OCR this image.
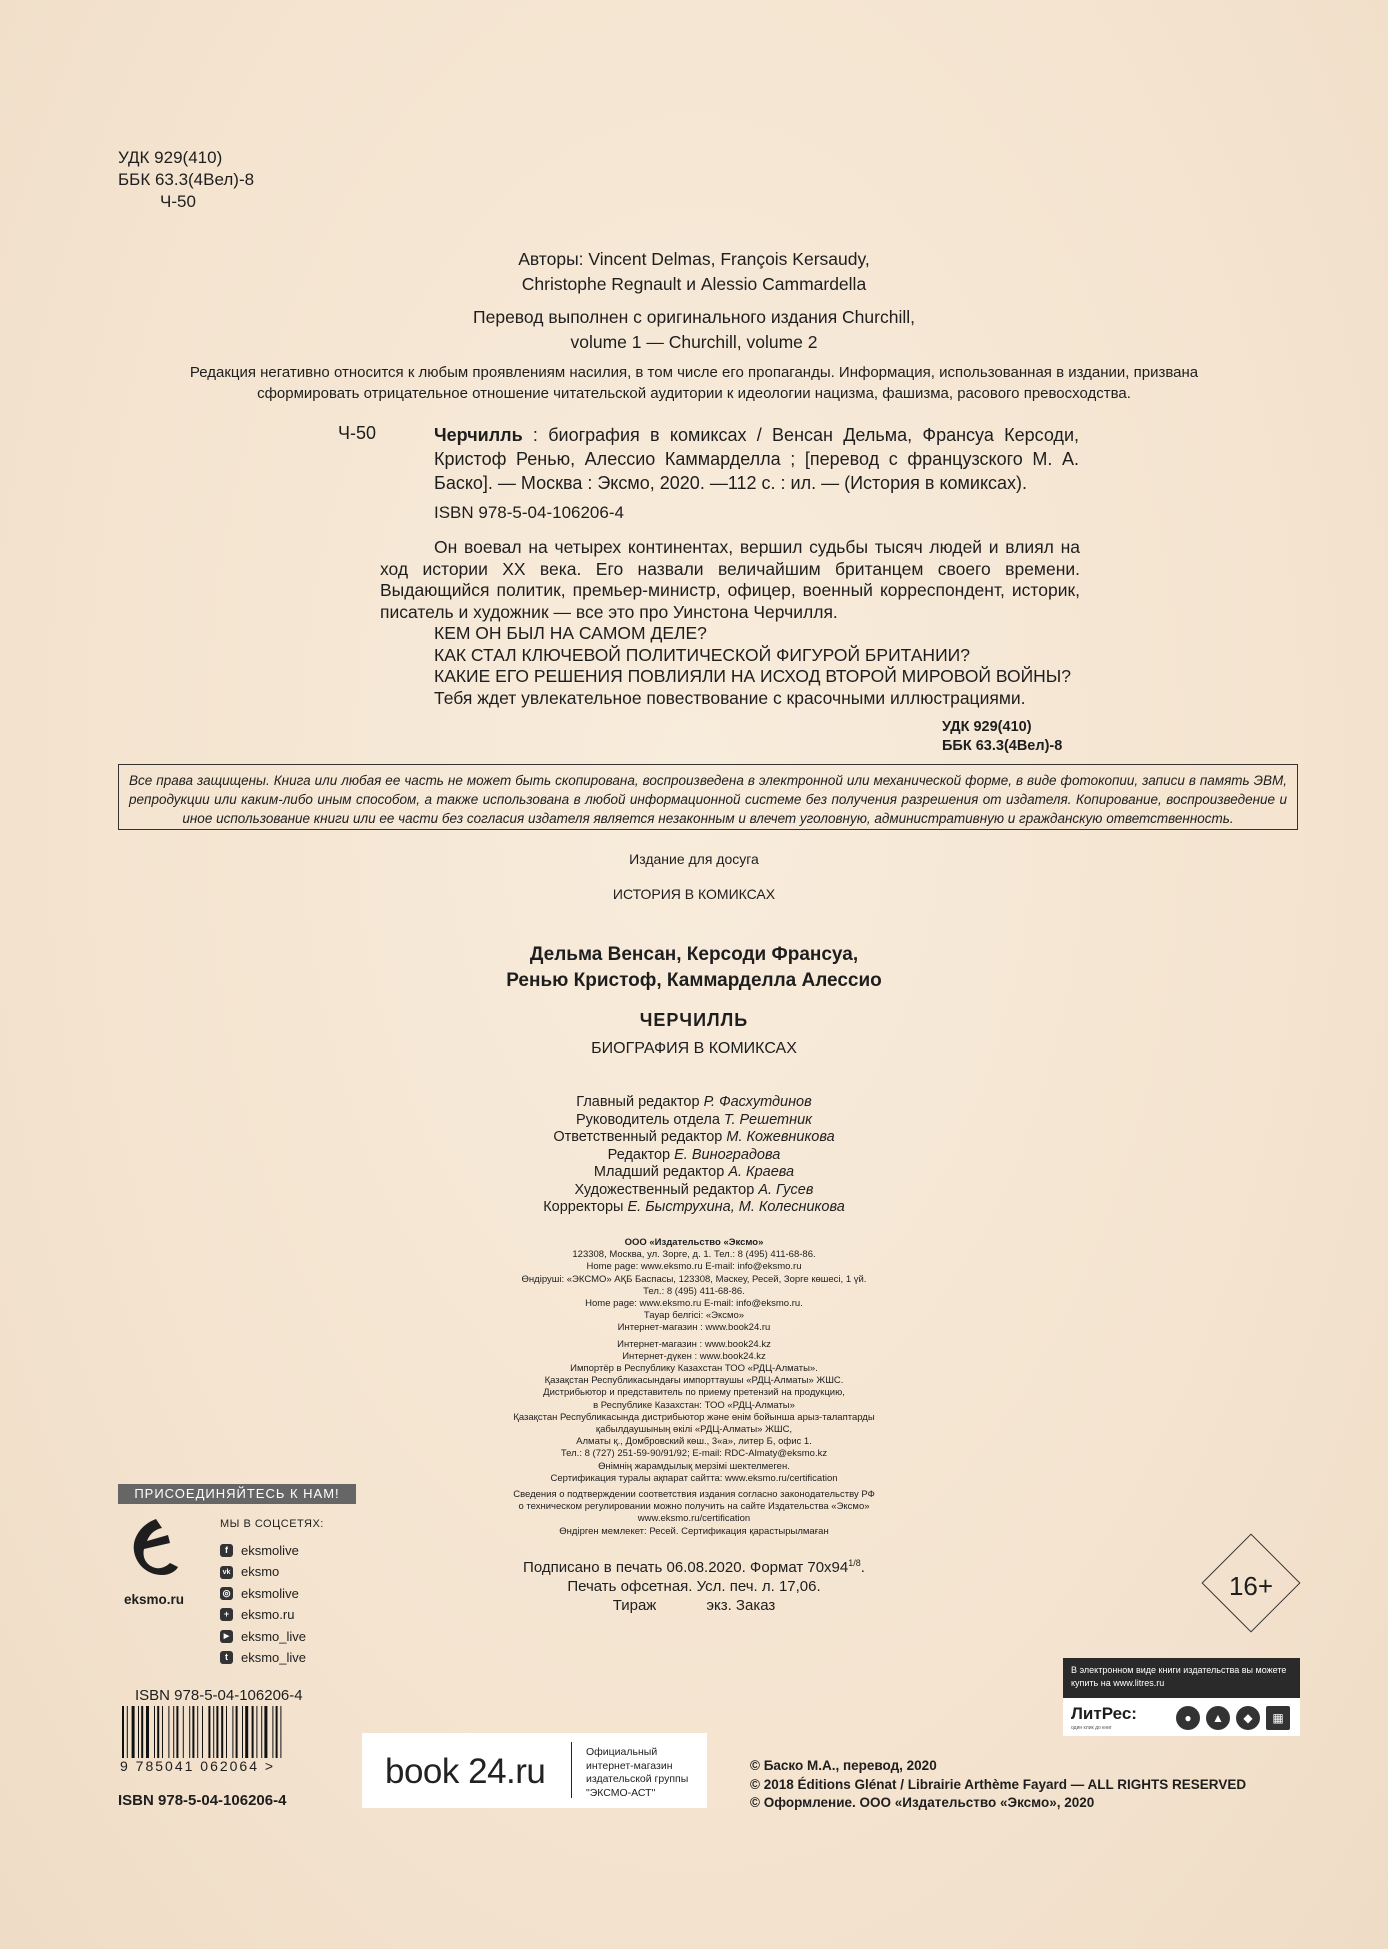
УДК 929(410)
ББК 63.3(4Вел)-8
Ч-50
Авторы: Vincent Delmas, François Kersaudy,
Christophe Regnault и Alessio Cammardella
Перевод выполнен с оригинального издания Churchill,
volume 1 — Churchill, volume 2
Редакция негативно относится к любым проявлениям насилия, в том числе его пропаганды. Информация, использованная в издании, призвана сформировать отрицательное отношение читательской аудитории к идеологии нацизма, фашизма, расового превосходства.
Ч-50	Черчилль : биография в комиксах / Венсан Дельма, Франсуа Керсоди, Кристоф Ренью, Алессио Каммарделла ; [перевод с французского М. А. Баско]. — Москва : Эксмо, 2020. —112 с. : ил. — (История в комиксах).
ISBN 978-5-04-106206-4

Он воевал на четырех континентах, вершил судьбы тысяч людей и влиял на ход истории XX века. Его назвали величайшим британцем своего времени. Выдающийся политик, премьер-министр, офицер, военный корреспондент, историк, писатель и художник — все это про Уинстона Черчилля.

КЕМ ОН БЫЛ НА САМОМ ДЕЛЕ?

КАК СТАЛ КЛЮЧЕВОЙ ПОЛИТИЧЕСКОЙ ФИГУРОЙ БРИТАНИИ?

КАКИЕ ЕГО РЕШЕНИЯ ПОВЛИЯЛИ НА ИСХОД ВТОРОЙ МИРОВОЙ ВОЙНЫ?

Тебя ждет увлекательное повествование с красочными иллюстрациями.

УДК 929(410)
ББК 63.3(4Вел)-8
Все права защищены. Книга или любая ее часть не может быть скопирована, воспроизведена в электронной или механической форме, в виде фотокопии, записи в память ЭВМ, репродукции или каким-либо иным способом, а также использована в любой информационной системе без получения разрешения от издателя. Копирование, воспроизведение и иное использование книги или ее части без согласия издателя является незаконным и влечет уголовную, административную и гражданскую ответственность.
Издание для досуга
ИСТОРИЯ В КОМИКСАХ
Дельма Венсан, Керсоди Франсуа,
Ренью Кристоф, Каммарделла Алессио
ЧЕРЧИЛЛЬ
БИОГРАФИЯ В КОМИКСАХ
Главный редактор Р. Фасхутдинов
Руководитель отдела Т. Решетник
Ответственный редактор М. Кожевникова
Редактор Е. Виноградова
Младший редактор А. Краева
Художественный редактор А. Гусев
Корректоры Е. Быструхина, М. Колесникова
ООО «Издательство «Эксмо»
123308, Москва, ул. Зорге, д. 1. Тел.: 8 (495) 411-68-86.
Home page: www.eksmo.ru E-mail: info@eksmo.ru
Өндіруші: «ЭКСМО» АҚБ Баспасы, 123308, Мәскеу, Ресей, Зорге көшесі, 1 үй.
Тел.: 8 (495) 411-68-86.
Home page: www.eksmo.ru E-mail: info@eksmo.ru.
Тауар белгісі: «Эксмо»
Интернет-магазин : www.book24.ru
Интернет-магазин : www.book24.kz
Интернет-дүкен : www.book24.kz
Импортёр в Республику Казахстан ТОО «РДЦ-Алматы».
Қазақстан Республикасындағы импорттаушы «РДЦ-Алматы» ЖШС.
Дистрибьютор и представитель по приему претензий на продукцию,
в Республике Казахстан: ТОО «РДЦ-Алматы»
Қазақстан Республикасында дистрибьютор және өнім бойынша арыз-талаптарды
қабылдаушының өкілі «РДЦ-Алматы» ЖШС,
Алматы қ., Домбровский көш., 3«а», литер Б, офис 1.
Тел.: 8 (727) 251-59-90/91/92; E-mail: RDC-Almaty@eksmo.kz
Өнімнің жарамдылық мерзімі шектелмеген.
Сертификация туралы ақпарат сайтта: www.eksmo.ru/certification
Сведения о подтверждении соответствия издания согласно законодательству РФ
о техническом регулировании можно получить на сайте Издательства «Эксмо»
www.eksmo.ru/certification
Өндірген мемлекет: Ресей. Сертификация қарастырылмаған
Подписано в печать 06.08.2020. Формат $70x94^{1/8}$.
Печать офсетная. Усл. печ. л. 17,06.
Тираж            экз. Заказ
ПРИСОЕДИНЯЙТЕСЬ К НАМ!
eksmo.ru
МЫ В СОЦСЕТЯХ:
f	eksmolive
vk eksmo
◎ eksmolive
+ eksmo.ru
▶ eksmo_live
t	eksmo_live
16+
ISBN 978-5-04-106206-4
9 785041 062064 >
ISBN 978-5-04-106206-4
book 24.ru	Официальный
интернет-магазин
издательской группы
"ЭКСМО-АСТ"
© Баско М.А., перевод, 2020
© 2018 Éditions Glénat / Librairie Arthème Fayard — ALL RIGHTS RESERVED
© Оформление. ООО «Издательство «Эксмо», 2020
В электронном виде книги издательства вы можете
купить на www.litres.ru
ЛитРес:
один клик до книг
●	▲	◆	▦
